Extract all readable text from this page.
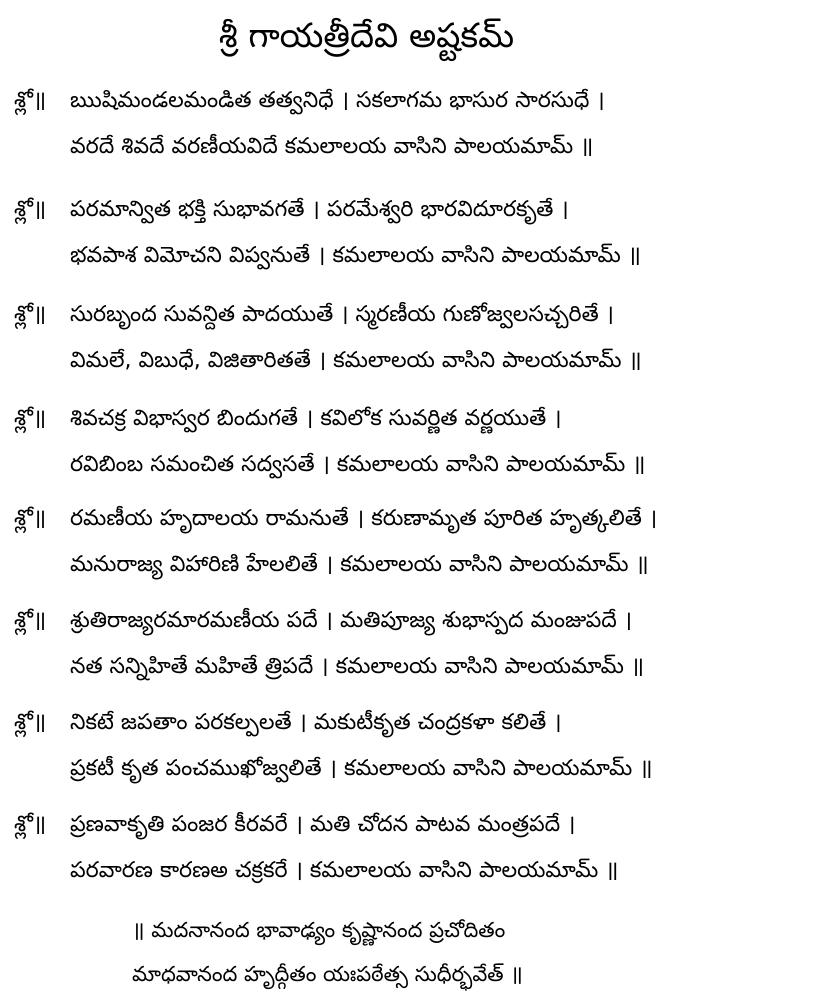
శ్రీ గాయత్రీదేవి అష్టకమ్
శ్లో॥ ఋషిమండలమండిత తత్వనిధే । సకలాగమ భాసుర సారసుధే ।
వరదే శివదే వరణీయవిదే కమలాలయ వాసిని పాలయమామ్ ॥
శ్లో॥ పరమాన్విత భక్తి సుభావగతే । పరమేశ్వరి భారవిదూరకృతే ।
భవపాశ విమోచని విప్వనుతే । కమలాలయ వాసిని పాలయమామ్ ॥
శ్లో॥ సురబృంద సువన్దిత పాదయుతే । స్మరణీయ గుణోజ్వలసచ్చరితే ।
విమలే, విబుధే, విజితారితతే । కమలాలయ వాసిని పాలయమామ్ ॥
శ్లో॥ శివచక్ర విభాస్వర బిందుగతే । కవిలోక సువర్ణిత వర్ణయుతే ।
రవిబింబ సమంచిత సద్వసతే । కమలాలయ వాసిని పాలయమామ్ ॥
శ్లో॥ రమణీయ హృదాలయ రామనుతే । కరుణామృత పూరిత హృత్కలితే ।
మనురాజ్య విహారిణి హేలలితే । కమలాలయ వాసిని పాలయమామ్ ॥
శ్లో॥ శ్రుతిరాజ్యరమారమణీయ పదే । మతిపూజ్య శుభాస్పద మంజుపదే ।
నత సన్నిహితే మహితే త్రిపదే । కమలాలయ వాసిని పాలయమామ్ ॥
శ్లో॥ నికటే జపతాం పరకల్పలతే । మకుటీకృత చంద్రకళా కలితే ।
ప్రకటీ కృత పంచముఖోజ్వలితే । కమలాలయ వాసిని పాలయమామ్ ॥
శ్లో॥ ప్రణవాకృతి పంజర కీరవరే । మతి చోదన పాటవ మంత్రపదే ।
పరవారణ కారణఅ చక్రకరే । కమలాలయ వాసిని పాలయమామ్ ॥
॥ మదనానంద భావాఢ్యం కృష్ణానంద ప్రచోదితం
మాధవానంద హృద్గీతం యఃపఠేత్స సుధీర్భవేత్ ॥
